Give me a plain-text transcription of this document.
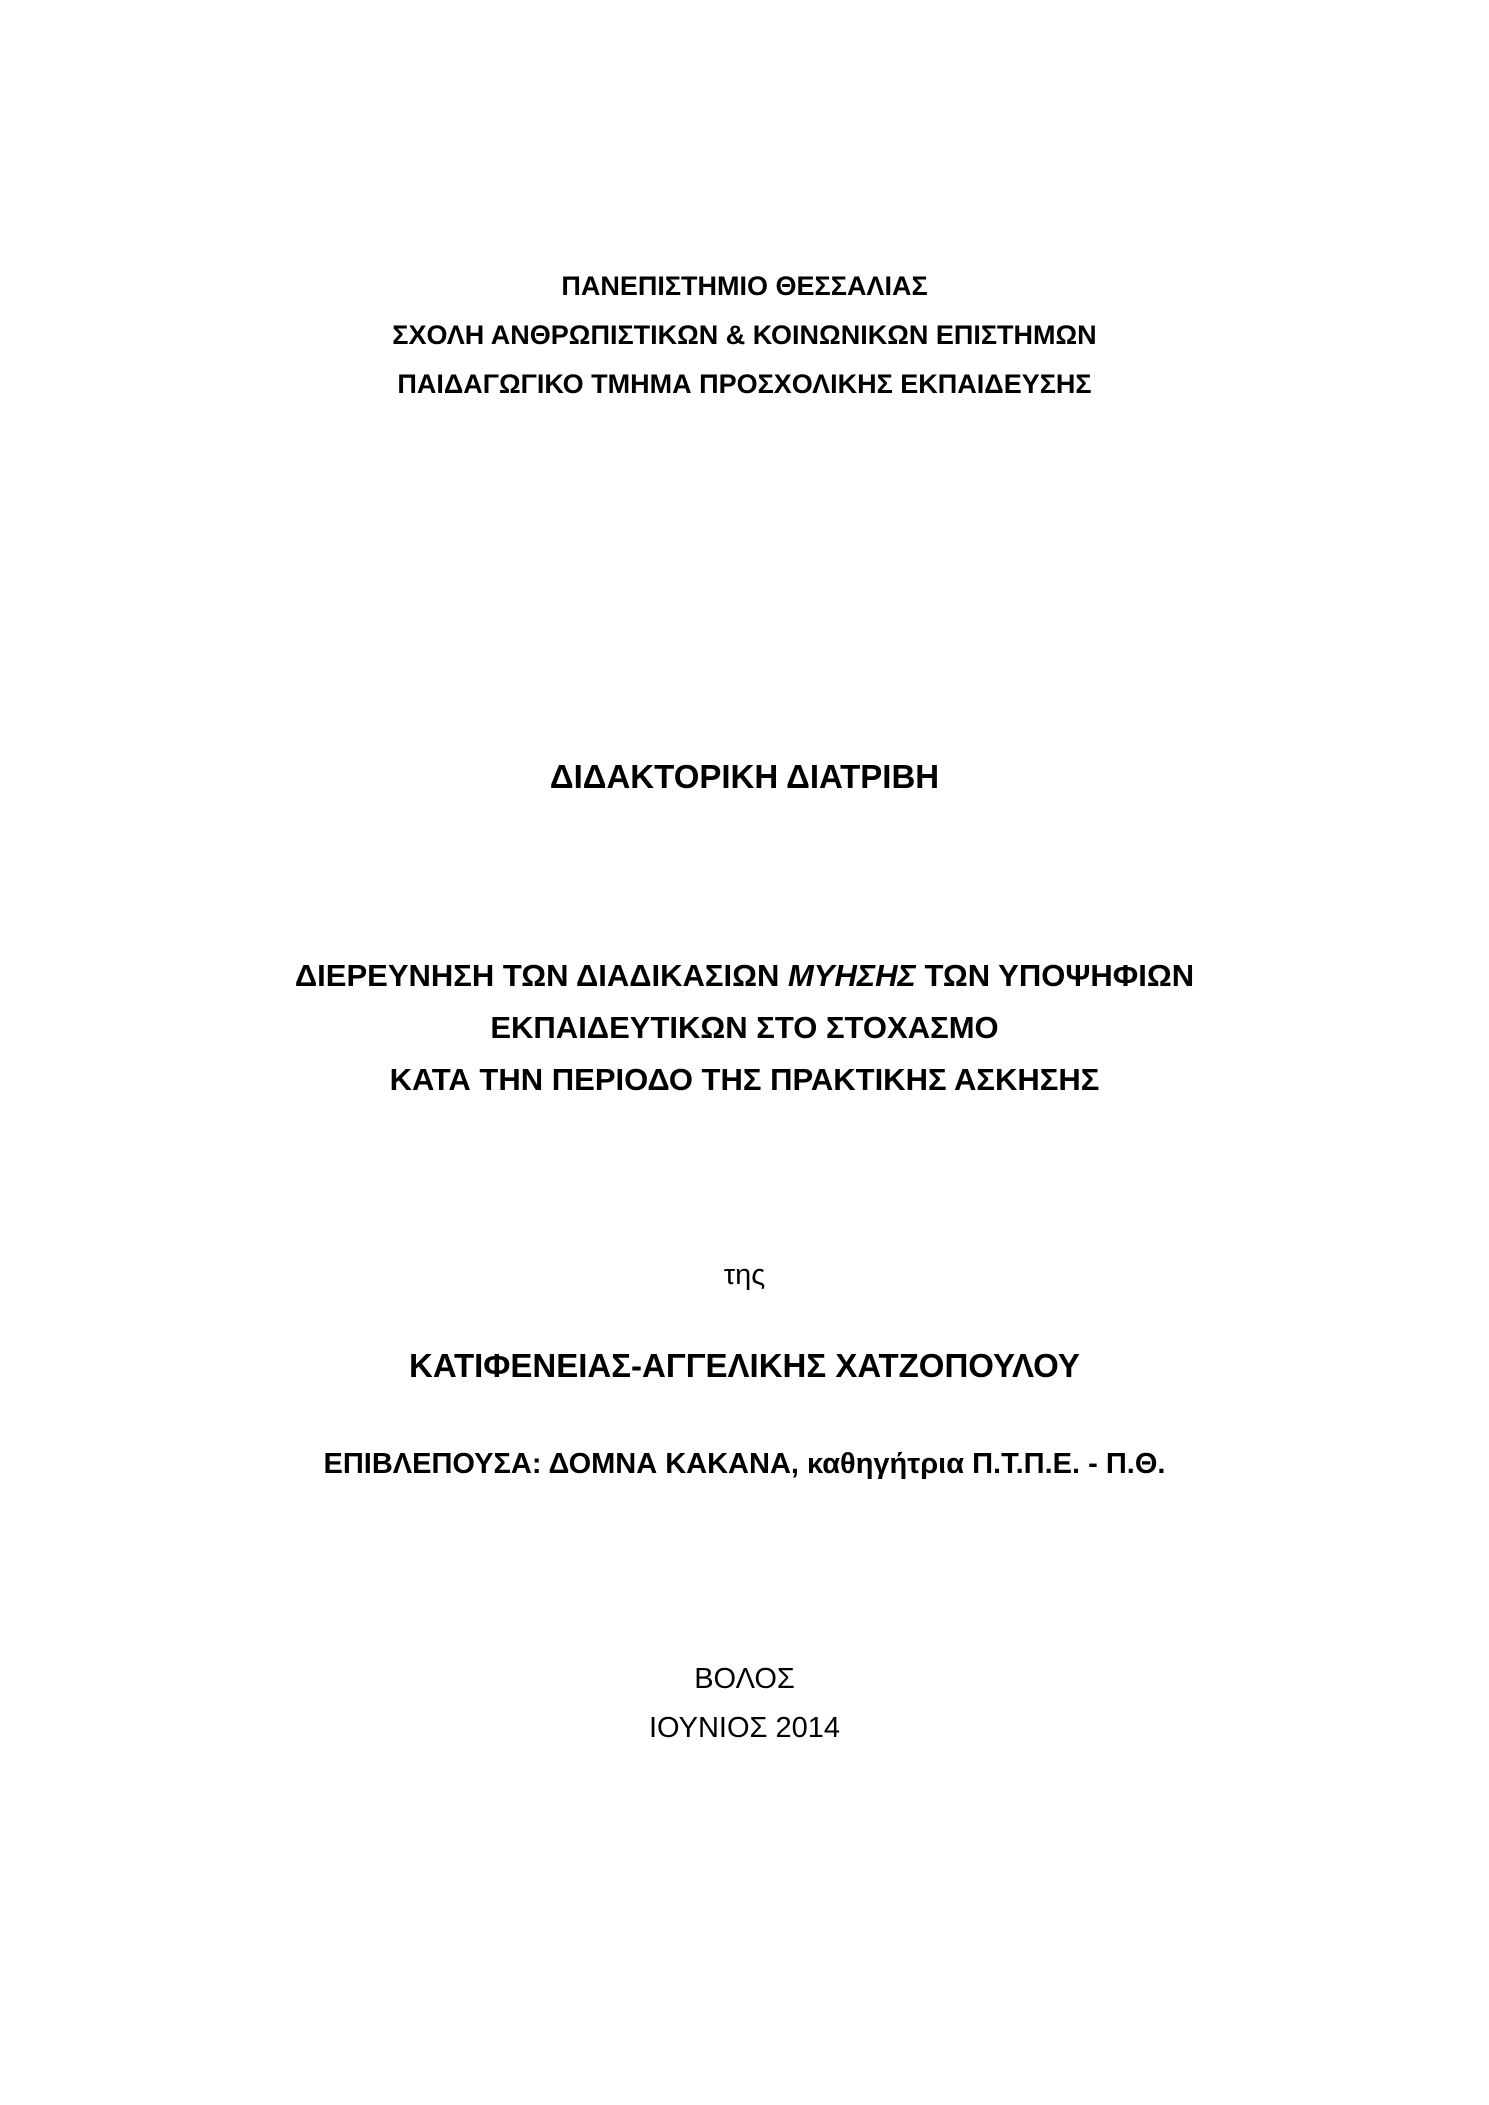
ΠΑΝΕΠΙΣΤΗΜΙΟ ΘΕΣΣΑΛΙΑΣ
ΣΧΟΛΗ ΑΝΘΡΩΠΙΣΤΙΚΩΝ & ΚΟΙΝΩΝΙΚΩΝ ΕΠΙΣΤΗΜΩΝ
ΠΑΙΔΑΓΩΓΙΚΟ ΤΜΗΜΑ ΠΡΟΣΧΟΛΙΚΗΣ ΕΚΠΑΙΔΕΥΣΗΣ
ΔΙΔΑΚΤΟΡΙΚΗ ΔΙΑΤΡΙΒΗ
ΔΙΕΡΕΥΝΗΣΗ ΤΩΝ ΔΙΑΔΙΚΑΣΙΩΝ ΜΥΗΣΗΣ ΤΩΝ ΥΠΟΨΗΦΙΩΝ
ΕΚΠΑΙΔΕΥΤΙΚΩΝ ΣΤΟ ΣΤΟΧΑΣΜΟ
ΚΑΤΑ ΤΗΝ ΠΕΡΙΟΔΟ ΤΗΣ ΠΡΑΚΤΙΚΗΣ ΑΣΚΗΣΗΣ
της
ΚΑΤΙΦΕΝΕΙΑΣ-ΑΓΓΕΛΙΚΗΣ ΧΑΤΖΟΠΟΥΛΟΥ
ΕΠΙΒΛΕΠΟΥΣΑ: ΔΟΜΝΑ ΚΑΚΑΝΑ, καθηγήτρια Π.Τ.Π.Ε. - Π.Θ.
ΒΟΛΟΣ
ΙΟΥΝΙΟΣ 2014
